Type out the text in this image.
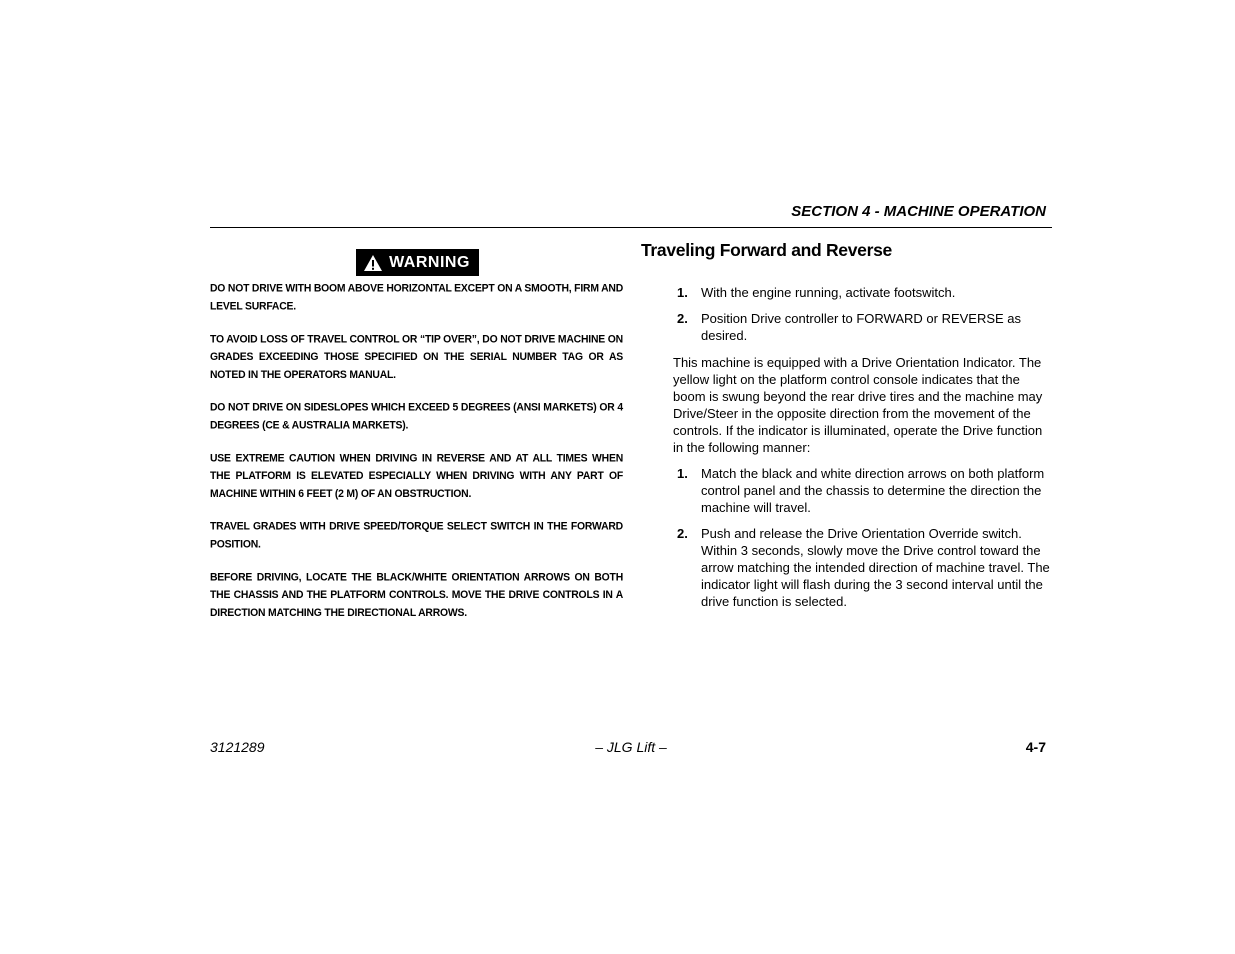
SECTION 4 - MACHINE OPERATION
WARNING

DO NOT DRIVE WITH BOOM ABOVE HORIZONTAL EXCEPT ON A SMOOTH, FIRM AND LEVEL SURFACE.

TO AVOID LOSS OF TRAVEL CONTROL OR “TIP OVER”, DO NOT DRIVE MACHINE ON GRADES EXCEEDING THOSE SPECIFIED ON THE SERIAL NUMBER TAG OR AS NOTED IN THE OPERATORS MANUAL.

DO NOT DRIVE ON SIDESLOPES WHICH EXCEED 5 DEGREES (ANSI MARKETS) OR 4 DEGREES (CE & AUSTRALIA MARKETS).

USE EXTREME CAUTION WHEN DRIVING IN REVERSE AND AT ALL TIMES WHEN THE PLATFORM IS ELEVATED ESPECIALLY WHEN DRIVING WITH ANY PART OF MACHINE WITHIN 6 FEET (2 M) OF AN OBSTRUCTION.

TRAVEL GRADES WITH DRIVE SPEED/TORQUE SELECT SWITCH IN THE FORWARD POSITION.

BEFORE DRIVING, LOCATE THE BLACK/WHITE ORIENTATION ARROWS ON BOTH THE CHASSIS AND THE PLATFORM CONTROLS. MOVE THE DRIVE CONTROLS IN A DIRECTION MATCHING THE DIRECTIONAL ARROWS.

Traveling Forward and Reverse
1. With the engine running, activate footswitch.
2. Position Drive controller to FORWARD or REVERSE as desired.
This machine is equipped with a Drive Orientation Indicator. The yellow light on the platform control console indicates that the boom is swung beyond the rear drive tires and the machine may Drive/Steer in the opposite direction from the movement of the controls. If the indicator is illuminated, operate the Drive function in the following manner:
1. Match the black and white direction arrows on both platform control panel and the chassis to determine the direction the machine will travel.
2. Push and release the Drive Orientation Override switch. Within 3 seconds, slowly move the Drive control toward the arrow matching the intended direction of machine travel. The indicator light will flash during the 3 second interval until the drive function is selected.
3121289	– JLG Lift –	4-7
